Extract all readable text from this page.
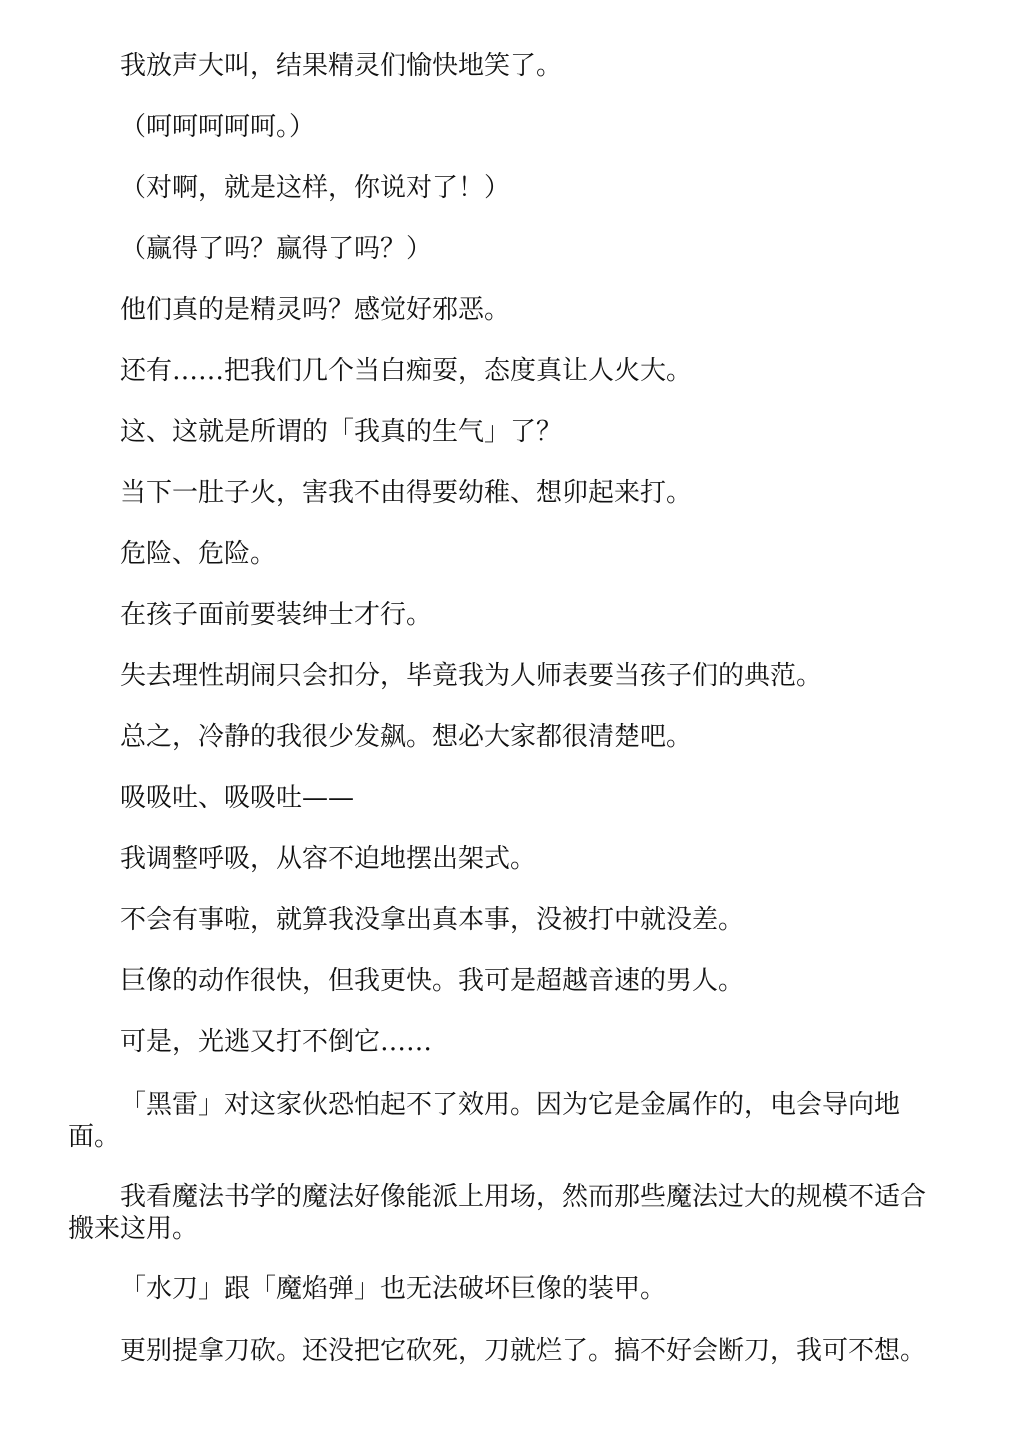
我放声大叫，结果精灵们愉快地笑了。

（呵呵呵呵呵。）

（对啊，就是这样，你说对了！）

（赢得了吗？赢得了吗？）

他们真的是精灵吗？感觉好邪恶。

还有……把我们几个当白痴耍，态度真让人火大。

这、这就是所谓的「我真的生气」了？

当下一肚子火，害我不由得要幼稚、想卯起来打。

危险、危险。

在孩子面前要装绅士才行。

失去理性胡闹只会扣分，毕竟我为人师表要当孩子们的典范。

总之，冷静的我很少发飙。想必大家都很清楚吧。

吸吸吐、吸吸吐——

我调整呼吸，从容不迫地摆出架式。

不会有事啦，就算我没拿出真本事，没被打中就没差。

巨像的动作很快，但我更快。我可是超越音速的男人。

可是，光逃又打不倒它……

「黑雷」对这家伙恐怕起不了效用。因为它是金属作的，电会导向地面。

我看魔法书学的魔法好像能派上用场，然而那些魔法过大的规模不适合搬来这用。

「水刀」跟「魔焰弹」也无法破坏巨像的装甲。

更别提拿刀砍。还没把它砍死，刀就烂了。搞不好会断刀，我可不想。
